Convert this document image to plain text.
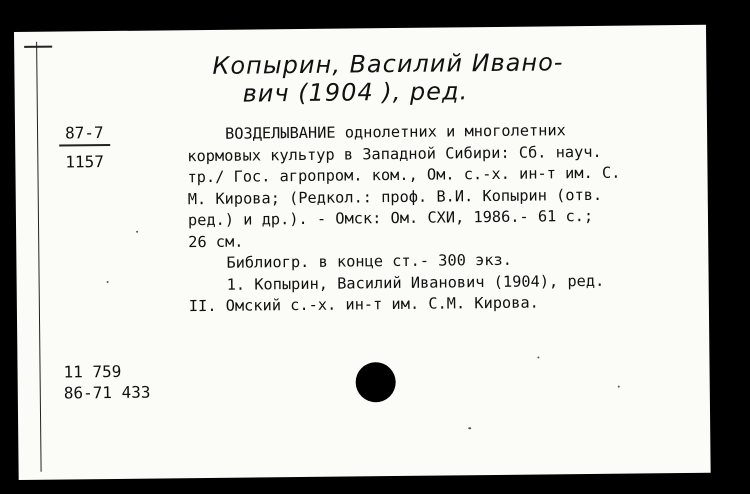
Копырин, Василий Ивано-
вич (1904 ), ред.
87-7
1157

ВОЗДЕЛЫВАНИЕ однолетних и многолетних

кормовых культур в Западной Сибири: Сб. науч.

тр./ Гос. агропром. ком., Ом. с.-х. ин-т им. С.

М. Кирова; (Редкол.: проф. В.И. Копырин (отв.

ред.) и др.). - Омск: Ом. СХИ, 1986.- 61 с.;

26 см.

Библиогр. в конце ст.- 300 экз.

1. Копырин, Василий Иванович (1904), ред.

II. Омский с.-х. ин-т им. С.М. Кирова.

11 759
86-71 433
